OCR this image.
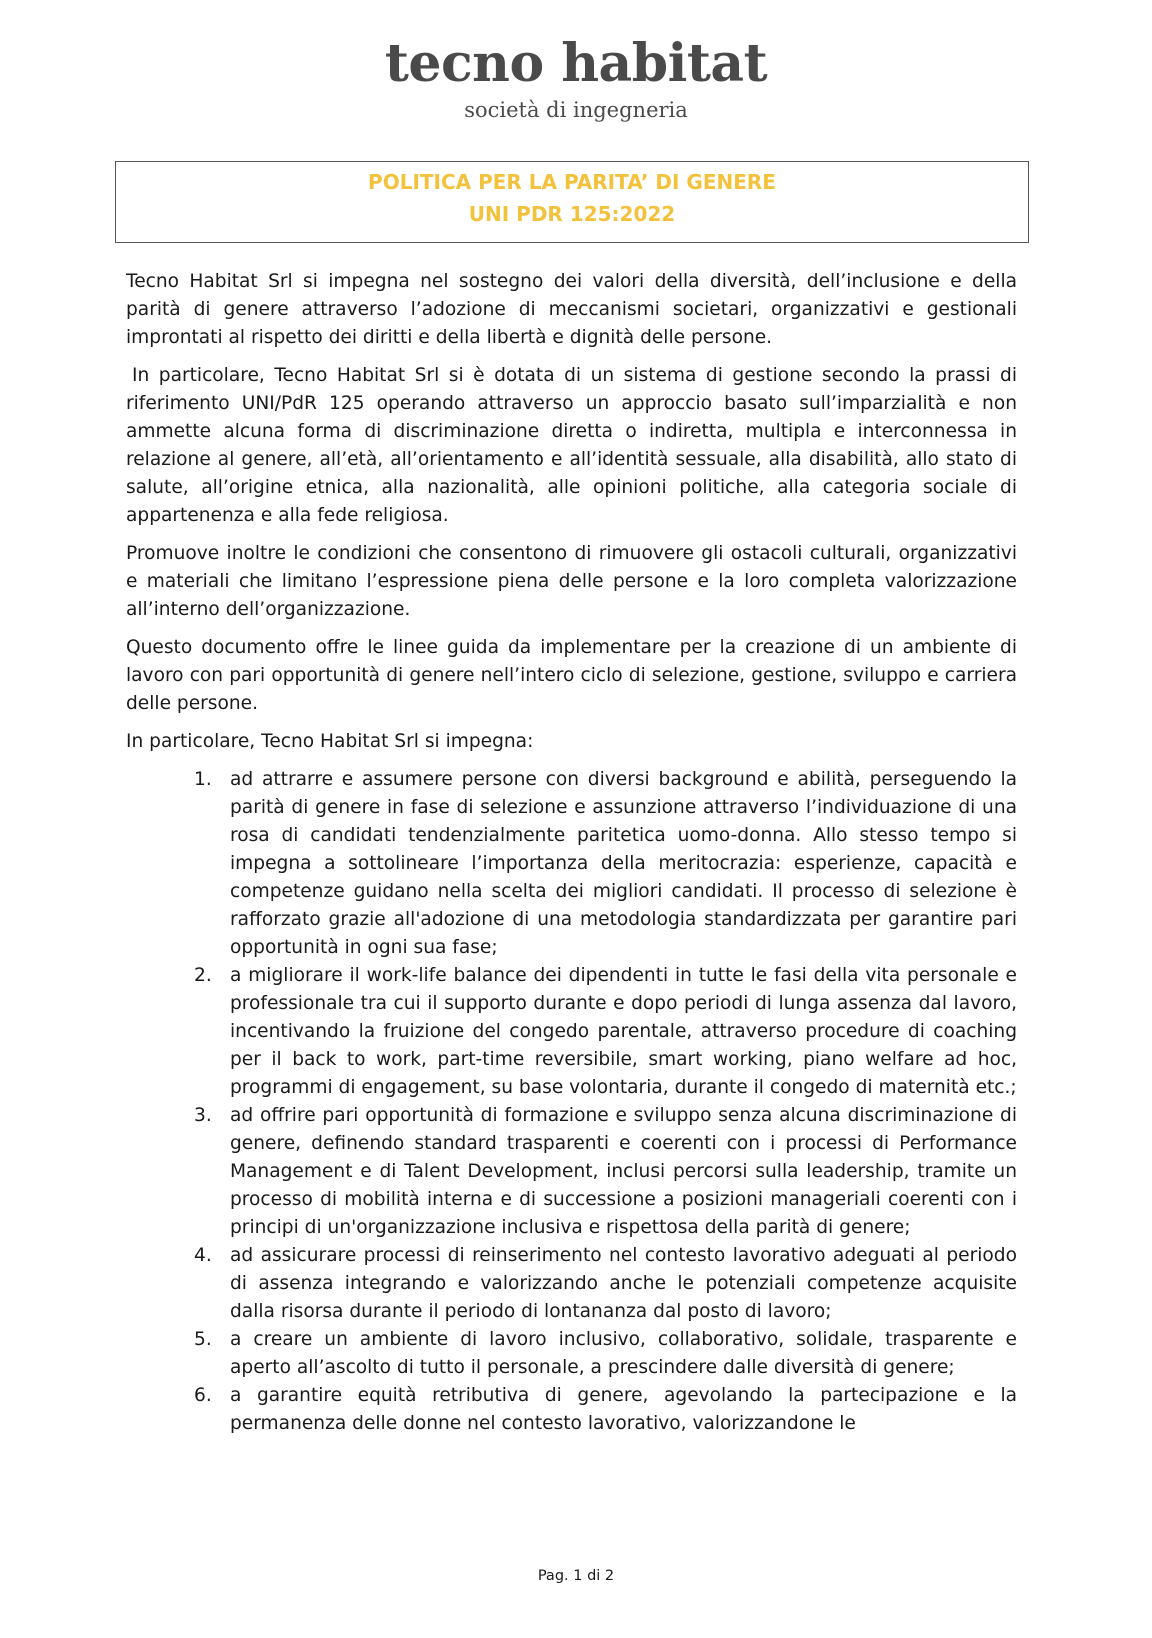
tecno habitat
società di ingegneria
POLITICA PER LA PARITA’ DI GENERE
UNI PDR 125:2022

Tecno Habitat Srl si impegna nel sostegno dei valori della diversità, dell’inclusione e della parità di genere attraverso l’adozione di meccanismi societari, organizzativi e gestionali improntati al rispetto dei diritti e della libertà e dignità delle persone.

In particolare, Tecno Habitat Srl si è dotata di un sistema di gestione secondo la prassi di riferimento UNI/PdR 125 operando attraverso un approccio basato sull’imparzialità e non ammette alcuna forma di discriminazione diretta o indiretta, multipla e interconnessa in relazione al genere, all’età, all’orientamento e all’identità sessuale, alla disabilità, allo stato di salute, all’origine etnica, alla nazionalità, alle opinioni politiche, alla categoria sociale di appartenenza e alla fede religiosa.

Promuove inoltre le condizioni che consentono di rimuovere gli ostacoli culturali, organizzativi e materiali che limitano l’espressione piena delle persone e la loro completa valorizzazione all’interno dell’organizzazione.

Questo documento offre le linee guida da implementare per la creazione di un ambiente di lavoro con pari opportunità di genere nell’intero ciclo di selezione, gestione, sviluppo e carriera delle persone.

In particolare, Tecno Habitat Srl si impegna:

1. ad attrarre e assumere persone con diversi background e abilità, perseguendo la parità di genere in fase di selezione e assunzione attraverso l’individuazione di una rosa di candidati tendenzialmente paritetica uomo-donna. Allo stesso tempo si impegna a sottolineare l’importanza della meritocrazia: esperienze, capacità e competenze guidano nella scelta dei migliori candidati. Il processo di selezione è rafforzato grazie all'adozione di una metodologia standardizzata per garantire pari opportunità in ogni sua fase;
2. a migliorare il work-life balance dei dipendenti in tutte le fasi della vita personale e professionale tra cui il supporto durante e dopo periodi di lunga assenza dal lavoro, incentivando la fruizione del congedo parentale, attraverso procedure di coaching per il back to work, part-time reversibile, smart working, piano welfare ad hoc, programmi di engagement, su base volontaria, durante il congedo di maternità etc.;
3. ad offrire pari opportunità di formazione e sviluppo senza alcuna discriminazione di genere, definendo standard trasparenti e coerenti con i processi di Performance Management e di Talent Development, inclusi percorsi sulla leadership, tramite un processo di mobilità interna e di successione a posizioni manageriali coerenti con i principi di un'organizzazione inclusiva e rispettosa della parità di genere;
4. ad assicurare processi di reinserimento nel contesto lavorativo adeguati al periodo di assenza integrando e valorizzando anche le potenziali competenze acquisite dalla risorsa durante il periodo di lontananza dal posto di lavoro;
5. a creare un ambiente di lavoro inclusivo, collaborativo, solidale, trasparente e aperto all’ascolto di tutto il personale, a prescindere dalle diversità di genere;
6. a garantire equità retributiva di genere, agevolando la partecipazione e la permanenza delle donne nel contesto lavorativo, valorizzandone le
Pag. 1 di 2
